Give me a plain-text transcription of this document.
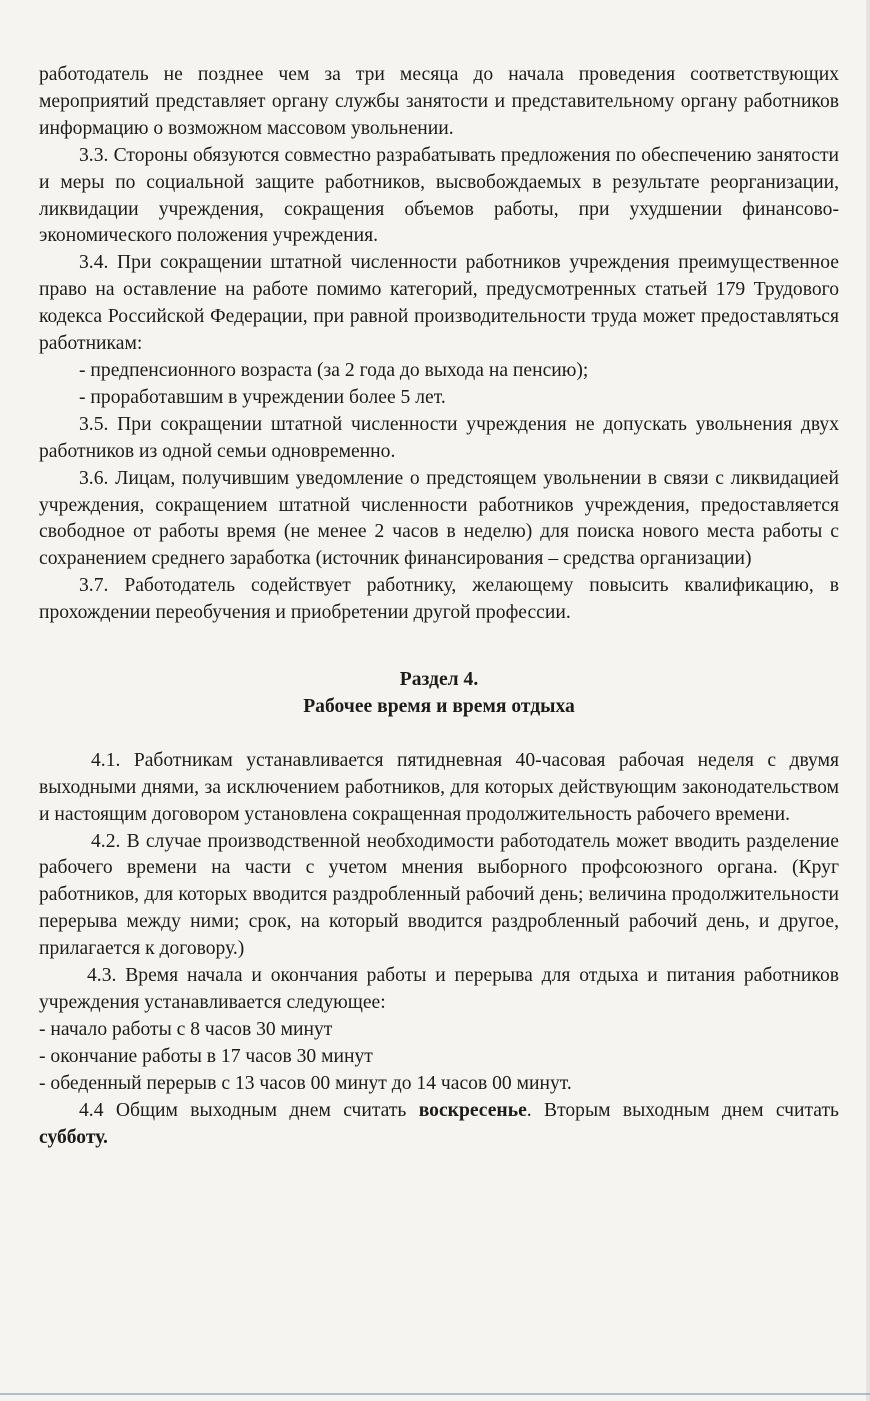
работодатель не позднее чем за три месяца до начала проведения соответствующих мероприятий представляет органу службы занятости и представительному органу работников информацию о возможном массовом увольнении.

3.3. Стороны обязуются совместно разрабатывать предложения по обеспечению занятости и меры по социальной защите работников, высвобождаемых в результате реорганизации, ликвидации учреждения, сокращения объемов работы, при ухудшении финансово-экономического положения учреждения.

3.4. При сокращении штатной численности работников учреждения преимущественное право на оставление на работе помимо категорий, предусмотренных статьей 179 Трудового кодекса Российской Федерации, при равной производительности труда может предоставляться работникам:

- предпенсионного возраста (за 2 года до выхода на пенсию);

- проработавшим в учреждении более 5 лет.

3.5. При сокращении штатной численности учреждения не допускать увольнения двух работников из одной семьи одновременно.

3.6. Лицам, получившим уведомление о предстоящем увольнении в связи с ликвидацией учреждения, сокращением штатной численности работников учреждения, предоставляется свободное от работы время (не менее 2 часов в неделю) для поиска нового места работы с сохранением среднего заработка (источник финансирования – средства организации)

3.7. Работодатель содействует работнику, желающему повысить квалификацию, в прохождении переобучения и приобретении другой профессии.

Раздел 4.

Рабочее время и время отдыха

4.1. Работникам устанавливается пятидневная 40-часовая рабочая неделя с двумя выходными днями, за исключением работников, для которых действующим законодательством и настоящим договором установлена сокращенная продолжительность рабочего времени.

4.2. В случае производственной необходимости работодатель может вводить разделение рабочего времени на части с учетом мнения выборного профсоюзного органа. (Круг работников, для которых вводится раздробленный рабочий день; величина продолжительности перерыва между ними; срок, на который вводится раздробленный рабочий день, и другое, прилагается к договору.)

4.3. Время начала и окончания работы и перерыва для отдыха и питания работников учреждения устанавливается следующее:

- начало работы с 8 часов 30 минут

- окончание работы в 17 часов 30 минут

- обеденный перерыв с 13 часов 00 минут до 14 часов 00 минут.

4.4 Общим выходным днем считать воскресенье. Вторым выходным днем считать субботу.
